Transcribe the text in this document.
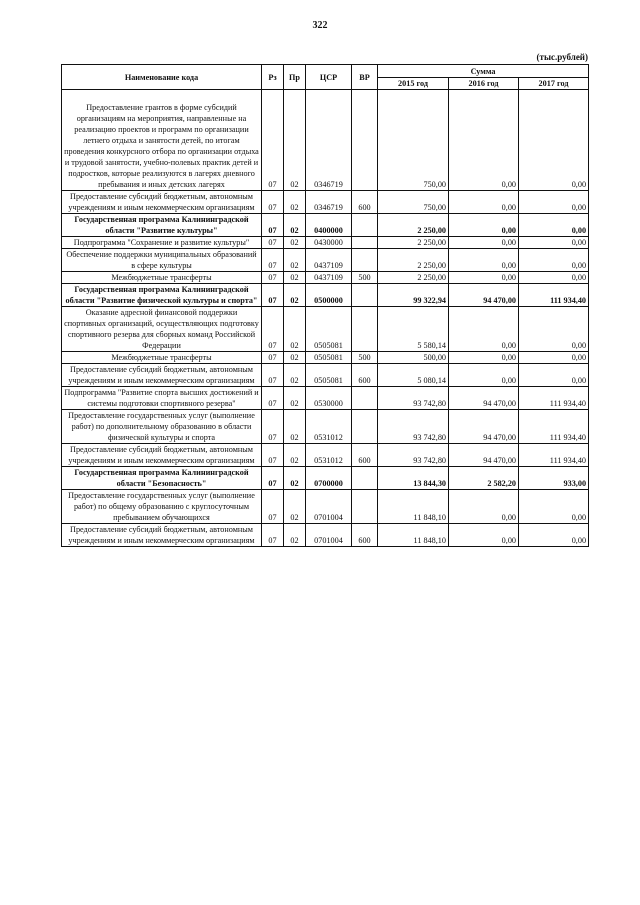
322
(тыс.рублей)
Наименование кода	Рз	Пр	ЦСР	ВР	Сумма		
					2015 год	2016 год	2017 год

Предоставление грантов в форме субсидий организациям на мероприятия, направленные на реализацию проектов и программ по организации летнего отдыха и занятости детей, по итогам проведения конкурсного отбора по организации отдыха и трудовой занятости, учебно-полевых практик детей и подростков, которые реализуются в лагерях дневного пребывания и иных детских лагерях	07	02	0346719		750,00	0,00	0,00
Предоставление субсидий бюджетным, автономным учреждениям и иным некоммерческим организациям	07	02	0346719	600	750,00	0,00	0,00
Государственная программа Калининградской области "Развитие культуры"	07	02	0400000		2 250,00	0,00	0,00
Подпрограмма "Сохранение и развитие культуры"	07	02	0430000		2 250,00	0,00	0,00
Обеспечение поддержки муниципальных образований в сфере культуры	07	02	0437109		2 250,00	0,00	0,00
Межбюджетные трансферты	07	02	0437109	500	2 250,00	0,00	0,00
Государственная программа Калининградской области "Развитие физической культуры и спорта"	07	02	0500000		99 322,94	94 470,00	111 934,40
Оказание адресной финансовой поддержки спортивных организаций, осуществляющих подготовку спортивного резерва для сборных команд Российской Федерации	07	02	0505081		5 580,14	0,00	0,00
Межбюджетные трансферты	07	02	0505081	500	500,00	0,00	0,00
Предоставление субсидий бюджетным, автономным учреждениям и иным некоммерческим организациям	07	02	0505081	600	5 080,14	0,00	0,00
Подпрограмма "Развитие спорта высших достижений и системы подготовки спортивного резерва"	07	02	0530000		93 742,80	94 470,00	111 934,40
Предоставление государственных услуг (выполнение работ) по дополнительному образованию в области физической культуры и спорта	07	02	0531012		93 742,80	94 470,00	111 934,40
Предоставление субсидий бюджетным, автономным учреждениям и иным некоммерческим организациям	07	02	0531012	600	93 742,80	94 470,00	111 934,40
Государственная программа Калининградской области "Безопасность"	07	02	0700000		13 844,30	2 582,20	933,00
Предоставление государственных услуг (выполнение работ) по общему образованию с круглосуточным пребыванием обучающихся	07	02	0701004		11 848,10	0,00	0,00
Предоставление субсидий бюджетным, автономным учреждениям и иным некоммерческим организациям	07	02	0701004	600	11 848,10	0,00	0,00
